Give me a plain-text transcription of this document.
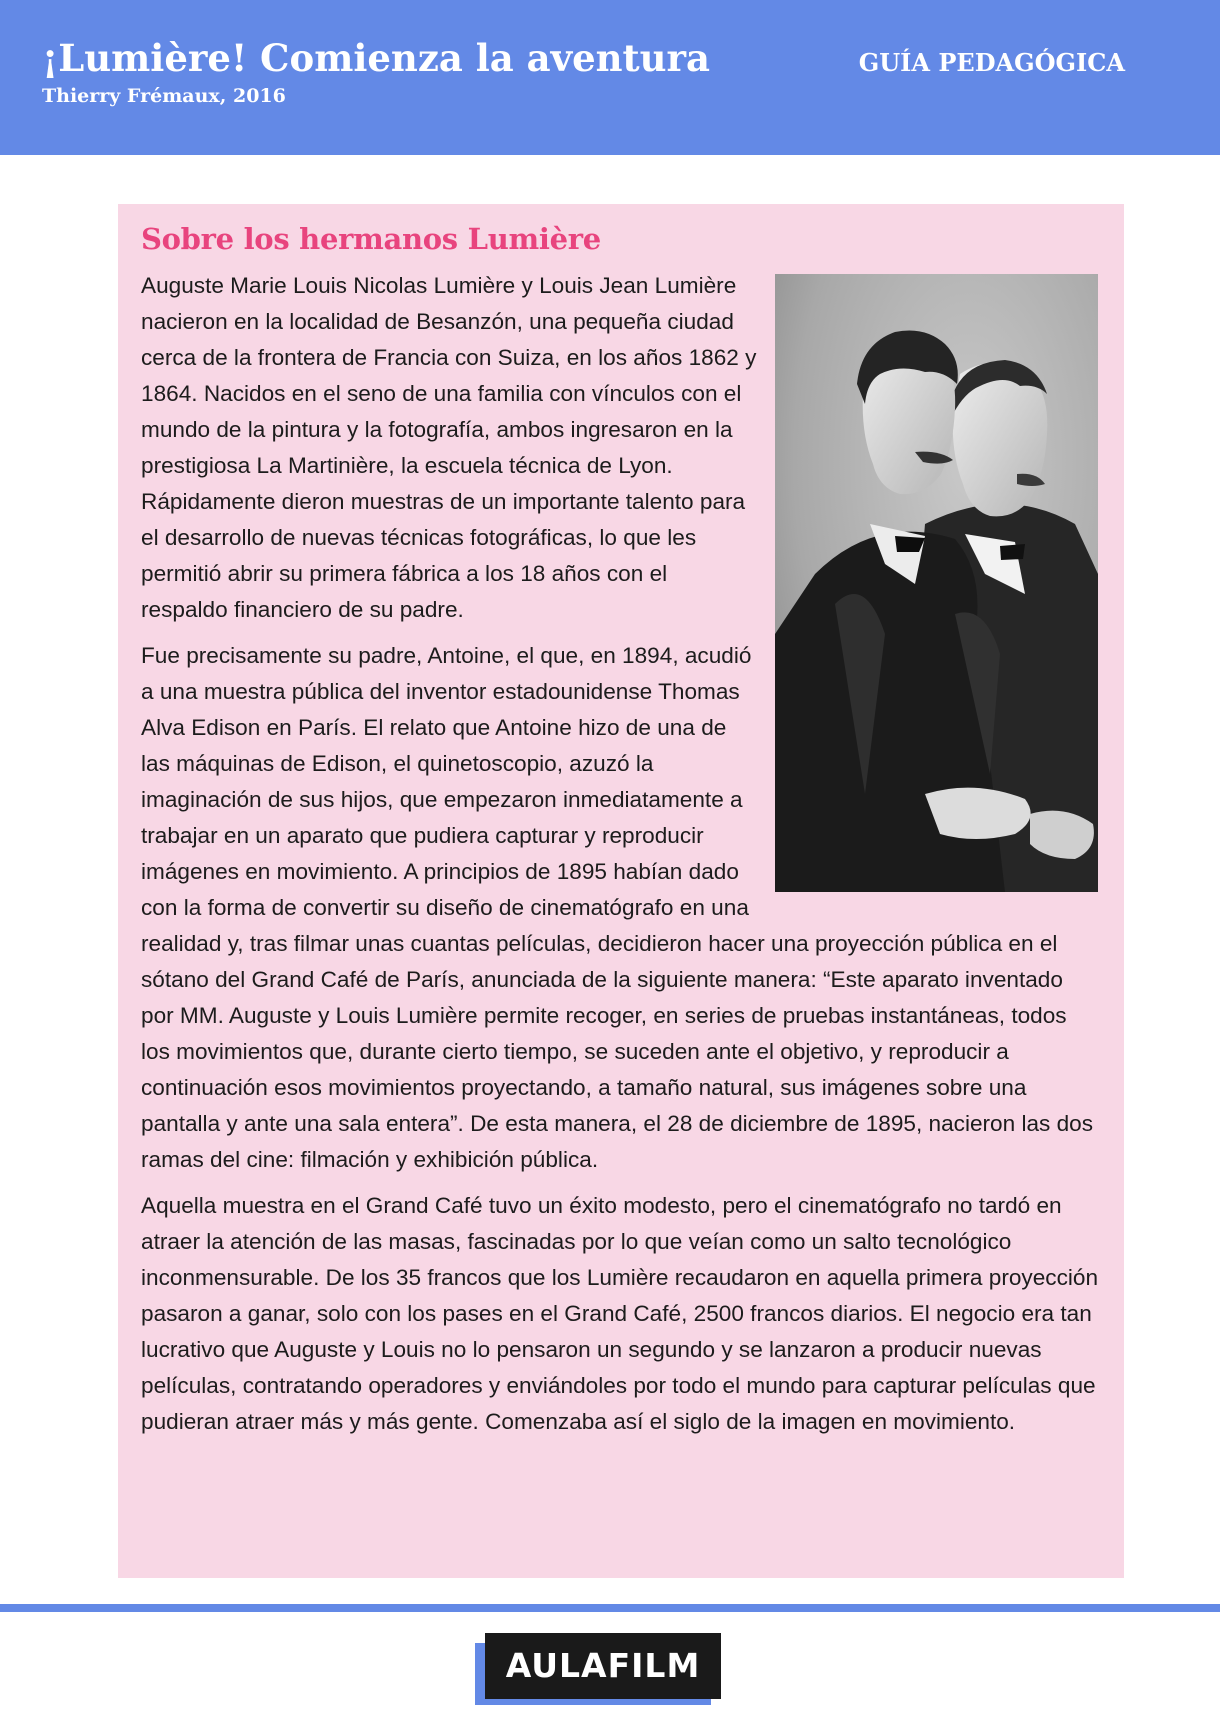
¡Lumière! Comienza la aventura
Thierry Frémaux, 2016
GUÍA PEDAGÓGICA
Sobre los hermanos Lumière

Auguste Marie Louis Nicolas Lumière y Louis Jean Lumière nacieron en la localidad de Besanzón, una pequeña ciudad cerca de la frontera de Francia con Suiza, en los años 1862 y 1864. Nacidos en el seno de una familia con vínculos con el mundo de la pintura y la fotografía, ambos ingresaron en la prestigiosa La Martinière, la escuela técnica de Lyon. Rápidamente dieron muestras de un importante talento para el desarrollo de nuevas técnicas fotográficas, lo que les permitió abrir su primera fábrica a los 18 años con el respaldo financiero de su padre.

Fue precisamente su padre, Antoine, el que, en 1894, acudió a una muestra pública del inventor estadounidense Thomas Alva Edison en París. El relato que Antoine hizo de una de las máquinas de Edison, el quinetoscopio, azuzó la imaginación de sus hijos, que empezaron inmediatamente a trabajar en un aparato que pudiera capturar y reproducir imágenes en movimiento. A principios de 1895 habían dado con la forma de convertir su diseño de cinematógrafo en una realidad y, tras filmar unas cuantas películas, decidieron hacer una proyección pública en el sótano del Grand Café de París, anunciada de la siguiente manera: “Este aparato inventado por MM. Auguste y Louis Lumière permite recoger, en series de pruebas instantáneas, todos los movimientos que, durante cierto tiempo, se suceden ante el objetivo, y reproducir a continuación esos movimientos proyectando, a tamaño natural, sus imágenes sobre una pantalla y ante una sala entera”. De esta manera, el 28 de diciembre de 1895, nacieron las dos ramas del cine: filmación y exhibición pública.

Aquella muestra en el Grand Café tuvo un éxito modesto, pero el cinematógrafo no tardó en atraer la atención de las masas, fascinadas por lo que veían como un salto tecnológico inconmensurable. De los 35 francos que los Lumière recaudaron en aquella primera proyección pasaron a ganar, solo con los pases en el Grand Café, 2500 francos diarios. El negocio era tan lucrativo que Auguste y Louis no lo pensaron un segundo y se lanzaron a producir nuevas películas, contratando operadores y enviándoles por todo el mundo para capturar películas que pudieran atraer más y más gente. Comenzaba así el siglo de la imagen en movimiento.

AULAFILM
